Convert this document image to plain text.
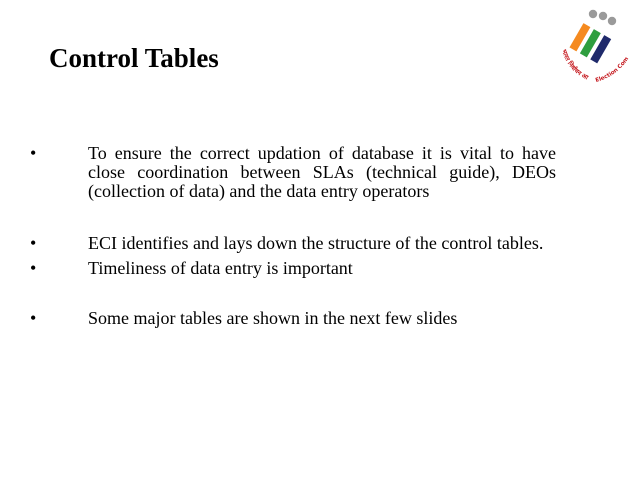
Control Tables	भारत निर्वाचन आ	Election Com
•	To ensure the correct updation of database it is vital to have close coordination between SLAs (technical guide), DEOs (collection of data) and the data entry operators
•	ECI identifies and lays down the structure of the control tables.
•	Timeliness of data entry is important
•	Some major tables are shown in the next few slides
